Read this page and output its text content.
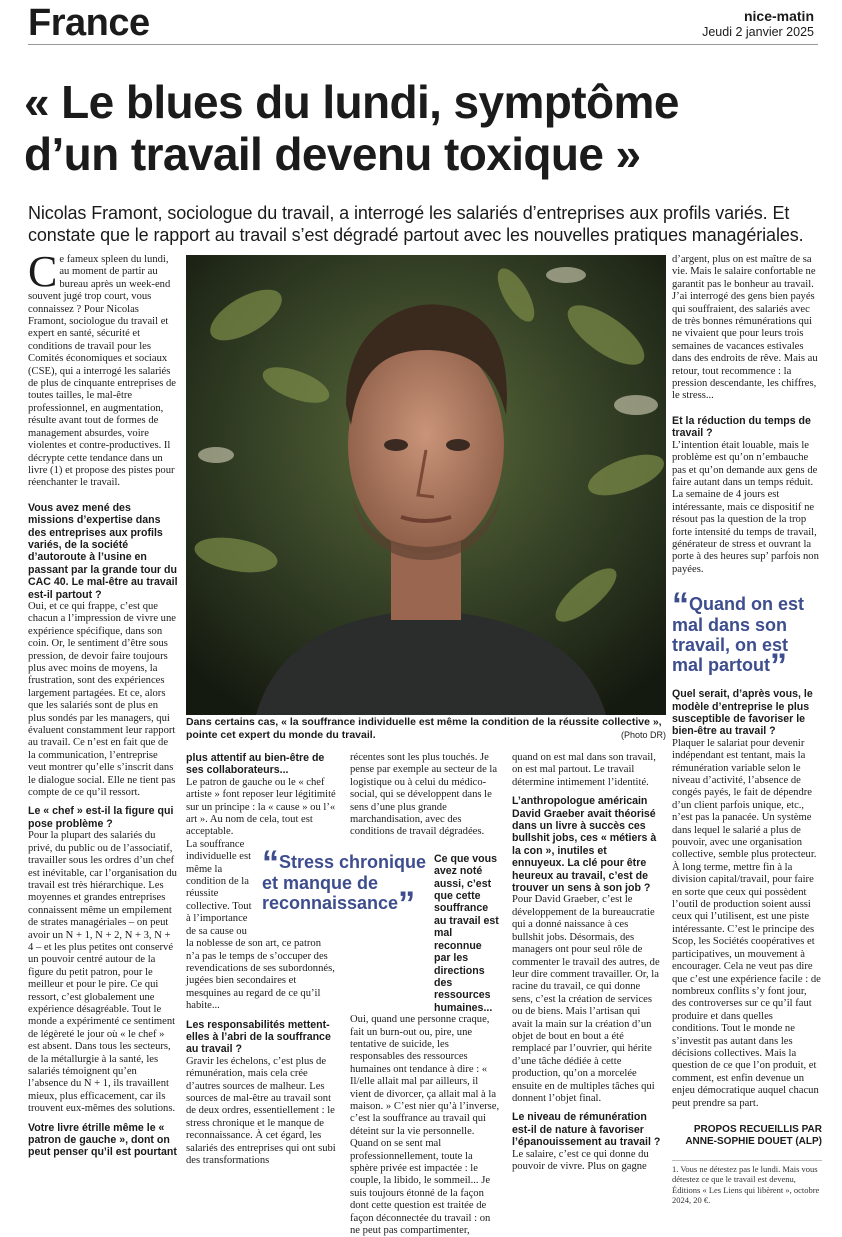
France	nice-matin
Jeudi 2 janvier 2025
« Le blues du lundi, symptôme
d’un travail devenu toxique »
Nicolas Framont, sociologue du travail, a interrogé les salariés d’entreprises aux profils variés. Et
constate que le rapport au travail s’est dégradé partout avec les nouvelles pratiques managériales.
Dans certains cas, « la souffrance individuelle est même la condition de la réussite collective », pointe cet expert du monde du travail.	(Photo DR)

Ce fameux spleen du lundi, au moment de partir au bureau après un week-end souvent jugé trop court, vous connaissez ? Pour Nicolas Framont, sociologue du travail et expert en santé, sécurité et conditions de travail pour les Comités économiques et sociaux (CSE), qui a interrogé les salariés de plus de cinquante entreprises de toutes tailles, le mal-être professionnel, en augmentation, résulte avant tout de formes de management absurdes, voire violentes et contre-productives. Il décrypte cette tendance dans un livre (1) et propose des pistes pour réenchanter le travail.

Vous avez mené des missions d’expertise dans des entreprises aux profils variés, de la société d’autoroute à l’usine en passant par la grande tour du CAC 40. Le mal-être au travail est-il partout ?

Oui, et ce qui frappe, c’est que chacun a l’impression de vivre une expérience spécifique, dans son coin. Or, le sentiment d’être sous pression, de devoir faire toujours plus avec moins de moyens, la frustration, sont des expériences largement partagées. Et ce, alors que les salariés sont de plus en plus sondés par les managers, qui évaluent constamment leur rapport au travail. Ce n’est en fait que de la communication, l’entreprise veut montrer qu’elle s’inscrit dans le dialogue social. Elle ne tient pas compte de ce qu’il ressort.

Le « chef » est-il la figure qui pose problème ?

Pour la plupart des salariés du privé, du public ou de l’associatif, travailler sous les ordres d’un chef est inévitable, car l’organisation du travail est très hiérarchique. Les moyennes et grandes entreprises connaissent même un empilement de strates managériales – on peut avoir un N + 1, N + 2, N + 3, N + 4 – et les plus petites ont conservé un pouvoir centré autour de la figure du petit patron, pour le meilleur et pour le pire. Ce qui ressort, c’est globalement une expérience désagréable. Tout le monde a expérimenté ce sentiment de légèreté le jour où « le chef » est absent. Dans tous les secteurs, de la métallurgie à la santé, les salariés témoignent qu’en l’absence du N + 1, ils travaillent mieux, plus efficacement, car ils trouvent eux-mêmes des solutions.

Votre livre étrille même le « patron de gauche », dont on peut penser qu’il est pourtant

plus attentif au bien-être de ses collaborateurs...

Le patron de gauche ou le « chef artiste » font reposer leur légitimité sur un principe : la « cause » ou l’« art ». Au nom de cela, tout est acceptable.

La souffrance individuelle est même la condition de la réussite collective. Tout à l’importance de sa cause ou

la noblesse de son art, ce patron n’a pas le temps de s’occuper des revendications de ses subordonnés, jugées bien secondaires et mesquines au regard de ce qu’il habite...

Les responsabilités mettent-elles à l’abri de la souffrance au travail ?

Gravir les échelons, c’est plus de rémunération, mais cela crée d’autres sources de malheur. Les sources de mal-être au travail sont de deux ordres, essentiellement : le stress chronique et le manque de reconnaissance. À cet égard, les salariés des entreprises qui ont subi des transformations

“Stress chronique et manque de reconnaissance”

récentes sont les plus touchés. Je pense par exemple au secteur de la logistique ou à celui du médico-social, qui se développent dans le sens d’une plus grande marchandisation, avec des conditions de travail dégradées.

Ce que vous avez noté aussi, c’est que cette souffrance au travail est mal reconnue par les directions des ressources humaines...

Oui, quand une personne craque, fait un burn-out ou, pire, une tentative de suicide, les responsables des ressources humaines ont tendance à dire : « Il/elle allait mal par ailleurs, il vient de divorcer, ça allait mal à la maison. » C’est nier qu’à l’inverse, c’est la souffrance au travail qui déteint sur la vie personnelle. Quand on se sent mal professionnellement, toute la sphère privée est impactée : le couple, la libido, le sommeil... Je suis toujours étonné de la façon dont cette question est traitée de façon déconnectée du travail : on ne peut pas compartimenter,

quand on est mal dans son travail, on est mal partout. Le travail détermine intimement l’identité.

L’anthropologue américain David Graeber avait théorisé dans un livre à succès ces bullshit jobs, ces « métiers à la con », inutiles et ennuyeux. La clé pour être heureux au travail, c’est de trouver un sens à son job ?

Pour David Graeber, c’est le développement de la bureaucratie qui a donné naissance à ces bullshit jobs. Désormais, des managers ont pour seul rôle de commenter le travail des autres, de leur dire comment travailler. Or, la racine du travail, ce qui donne sens, c’est la création de services ou de biens. Mais l’artisan qui avait la main sur la création d’un objet de bout en bout a été remplacé par l’ouvrier, qui hérite d’une tâche dédiée à cette production, qu’on a morcelée ensuite en de multiples tâches qui donnent l’objet final.

Le niveau de rémunération est-il de nature à favoriser l’épanouissement au travail ?

Le salaire, c’est ce qui donne du pouvoir de vivre. Plus on gagne

d’argent, plus on est maître de sa vie. Mais le salaire confortable ne garantit pas le bonheur au travail. J’ai interrogé des gens bien payés qui souffraient, des salariés avec de très bonnes rémunérations qui ne vivaient que pour leurs trois semaines de vacances estivales dans des endroits de rêve. Mais au retour, tout recommence : la pression descendante, les chiffres, le stress...

Et la réduction du temps de travail ?

L’intention était louable, mais le problème est qu’on n’embauche pas et qu’on demande aux gens de faire autant dans un temps réduit. La semaine de 4 jours est intéressante, mais ce dispositif ne résout pas la question de la trop forte intensité du temps de travail, générateur de stress et ouvrant la porte à des heures sup’ parfois non payées.

“Quand on est mal dans son travail, on est mal partout”

Quel serait, d’après vous, le modèle d’entreprise le plus susceptible de favoriser le bien-être au travail ?

Plaquer le salariat pour devenir indépendant est tentant, mais la rémunération variable selon le niveau d’activité, l’absence de congés payés, le fait de dépendre d’un client parfois unique, etc., n’est pas la panacée. Un système dans lequel le salarié a plus de pouvoir, avec une organisation collective, semble plus protecteur. À long terme, mettre fin à la division capital/travail, pour faire en sorte que ceux qui possèdent l’outil de production soient aussi ceux qui l’utilisent, est une piste intéressante. C’est le principe des Scop, les Sociétés coopératives et participatives, un mouvement à encourager. Cela ne veut pas dire que c’est une expérience facile : de nombreux conflits s’y font jour, des controverses sur ce qu’il faut produire et dans quelles conditions. Tout le monde ne s’investit pas autant dans les décisions collectives. Mais la question de ce que l’on produit, et comment, est enfin devenue un enjeu démocratique auquel chacun peut prendre sa part.

PROPOS RECUEILLIS PAR
ANNE-SOPHIE DOUET (ALP)

1. Vous ne détestez pas le lundi. Mais vous détestez ce que le travail est devenu, Éditions « Les Liens qui libèrent », octobre 2024, 20 €.
